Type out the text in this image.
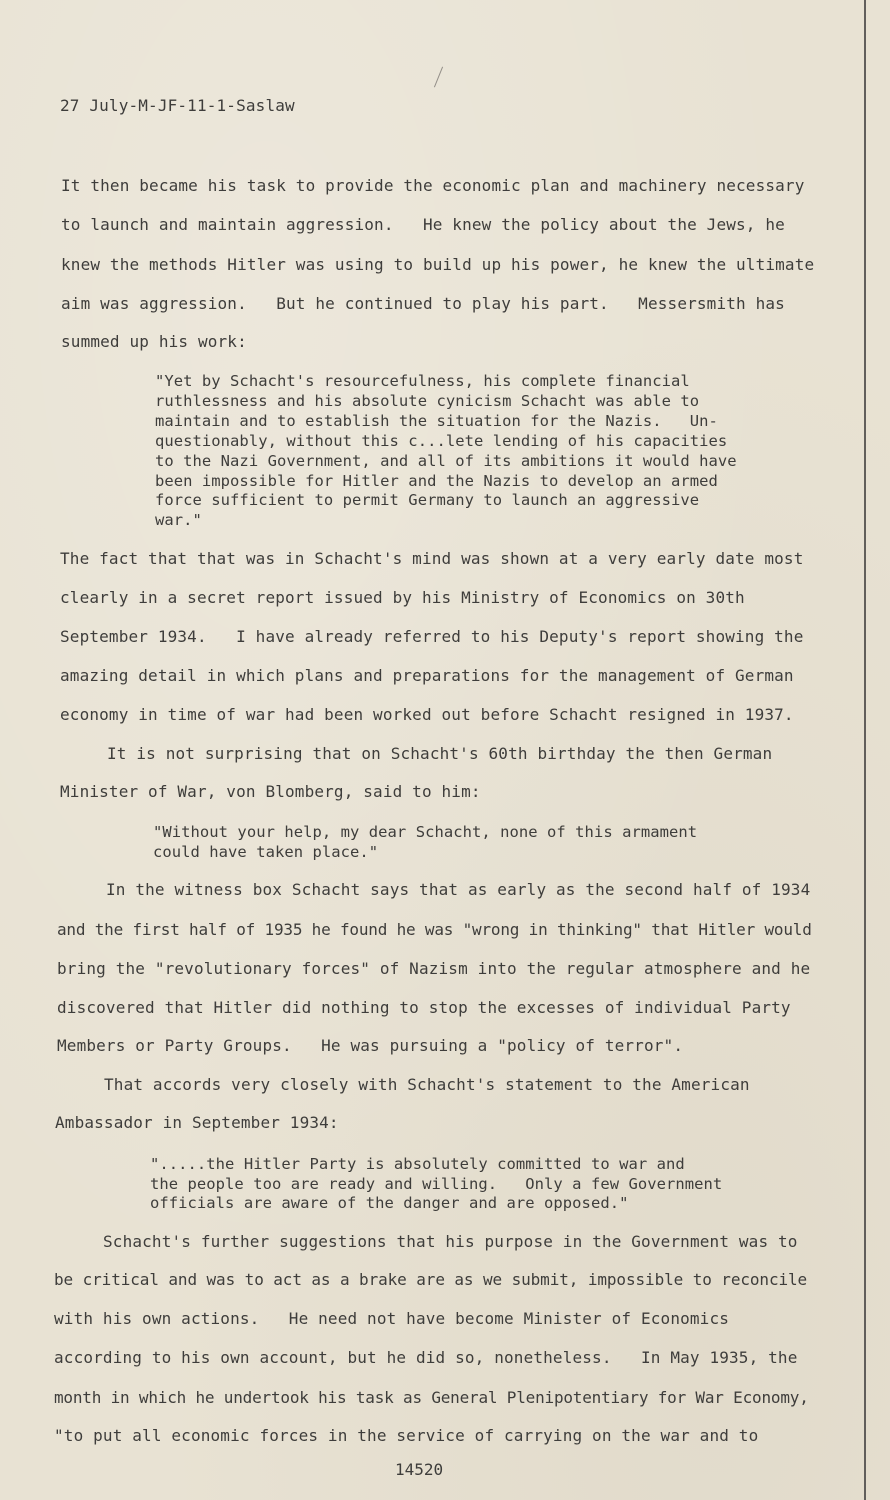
27 July-M-JF-11-1-Saslaw
It then became his task to provide the economic plan and machinery necessary
to launch and maintain aggression.   He knew the policy about the Jews, he
knew the methods Hitler was using to build up his power, he knew the ultimate
aim was aggression.   But he continued to play his part.   Messersmith has
summed up his work:
"Yet by Schacht's resourcefulness, his complete financial
ruthlessness and his absolute cynicism Schacht was able to
maintain and to establish the situation for the Nazis.   Un-
questionably, without this c...lete lending of his capacities
to the Nazi Government, and all of its ambitions it would have
been impossible for Hitler and the Nazis to develop an armed
force sufficient to permit Germany to launch an aggressive
war."
The fact that that was in Schacht's mind was shown at a very early date most
clearly in a secret report issued by his Ministry of Economics on 30th
September 1934.   I have already referred to his Deputy's report showing the
amazing detail in which plans and preparations for the management of German
economy in time of war had been worked out before Schacht resigned in 1937.
It is not surprising that on Schacht's 60th birthday the then German
Minister of War, von Blomberg, said to him:
"Without your help, my dear Schacht, none of this armament
could have taken place."
In the witness box Schacht says that as early as the second half of 1934
and the first half of 1935 he found he was "wrong in thinking" that Hitler would
bring the "revolutionary forces" of Nazism into the regular atmosphere and he
discovered that Hitler did nothing to stop the excesses of individual Party
Members or Party Groups.   He was pursuing a "policy of terror".
That accords very closely with Schacht's statement to the American
Ambassador in September 1934:
".....the Hitler Party is absolutely committed to war and
the people too are ready and willing.   Only a few Government
officials are aware of the danger and are opposed."
Schacht's further suggestions that his purpose in the Government was to
be critical and was to act as a brake are as we submit, impossible to reconcile
with his own actions.   He need not have become Minister of Economics
according to his own account, but he did so, nonetheless.   In May 1935, the
month in which he undertook his task as General Plenipotentiary for War Economy,
"to put all economic forces in the service of carrying on the war and to
14520
